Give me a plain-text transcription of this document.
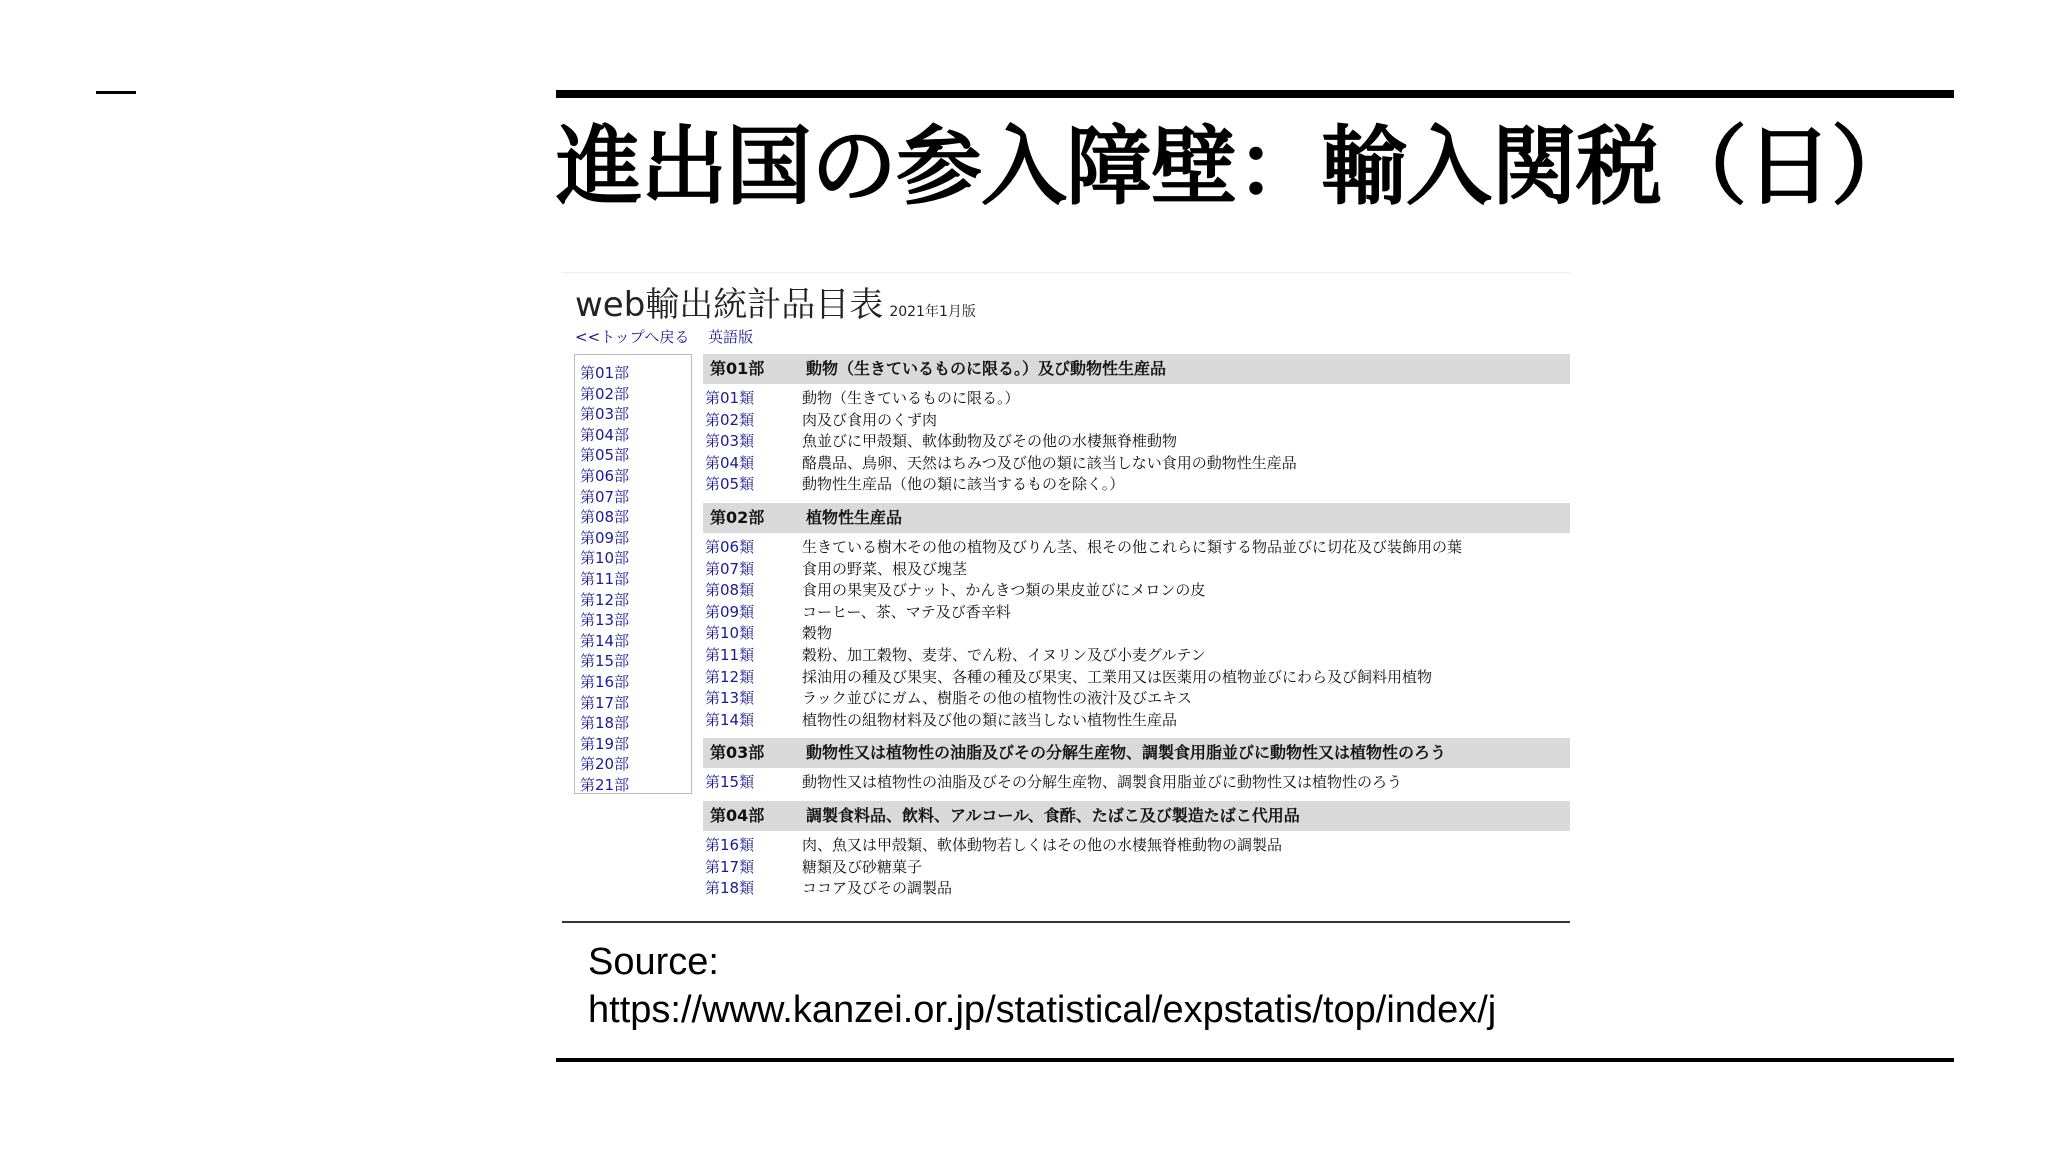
進出国の参入障壁：輸入関税（日）
web輸出統計品目表 2021年1月版
<<トップへ戻る 英語版
第01部
第02部
第03部
第04部
第05部
第06部
第07部
第08部
第09部
第10部
第11部
第12部
第13部
第14部
第15部
第16部
第17部
第18部
第19部
第20部
第21部
第01部	動物（生きているものに限る。）及び動物性生産品
第01類	動物（生きているものに限る。）
第02類	肉及び食用のくず肉
第03類	魚並びに甲殻類、軟体動物及びその他の水棲無脊椎動物
第04類	酪農品、鳥卵、天然はちみつ及び他の類に該当しない食用の動物性生産品
第05類	動物性生産品（他の類に該当するものを除く。）
第02部	植物性生産品
第06類	生きている樹木その他の植物及びりん茎、根その他これらに類する物品並びに切花及び装飾用の葉
第07類	食用の野菜、根及び塊茎
第08類	食用の果実及びナット、かんきつ類の果皮並びにメロンの皮
第09類	コーヒー、茶、マテ及び香辛料
第10類	穀物
第11類	穀粉、加工穀物、麦芽、でん粉、イヌリン及び小麦グルテン
第12類	採油用の種及び果実、各種の種及び果実、工業用又は医薬用の植物並びにわら及び飼料用植物
第13類	ラック並びにガム、樹脂その他の植物性の液汁及びエキス
第14類	植物性の組物材料及び他の類に該当しない植物性生産品
第03部	動物性又は植物性の油脂及びその分解生産物、調製食用脂並びに動物性又は植物性のろう
第15類	動物性又は植物性の油脂及びその分解生産物、調製食用脂並びに動物性又は植物性のろう
第04部	調製食料品、飲料、アルコール、食酢、たばこ及び製造たばこ代用品
第16類	肉、魚又は甲殻類、軟体動物若しくはその他の水棲無脊椎動物の調製品
第17類	糖類及び砂糖菓子
第18類	ココア及びその調製品
Source:
https://www.kanzei.or.jp/statistical/expstatis/top/index/j
